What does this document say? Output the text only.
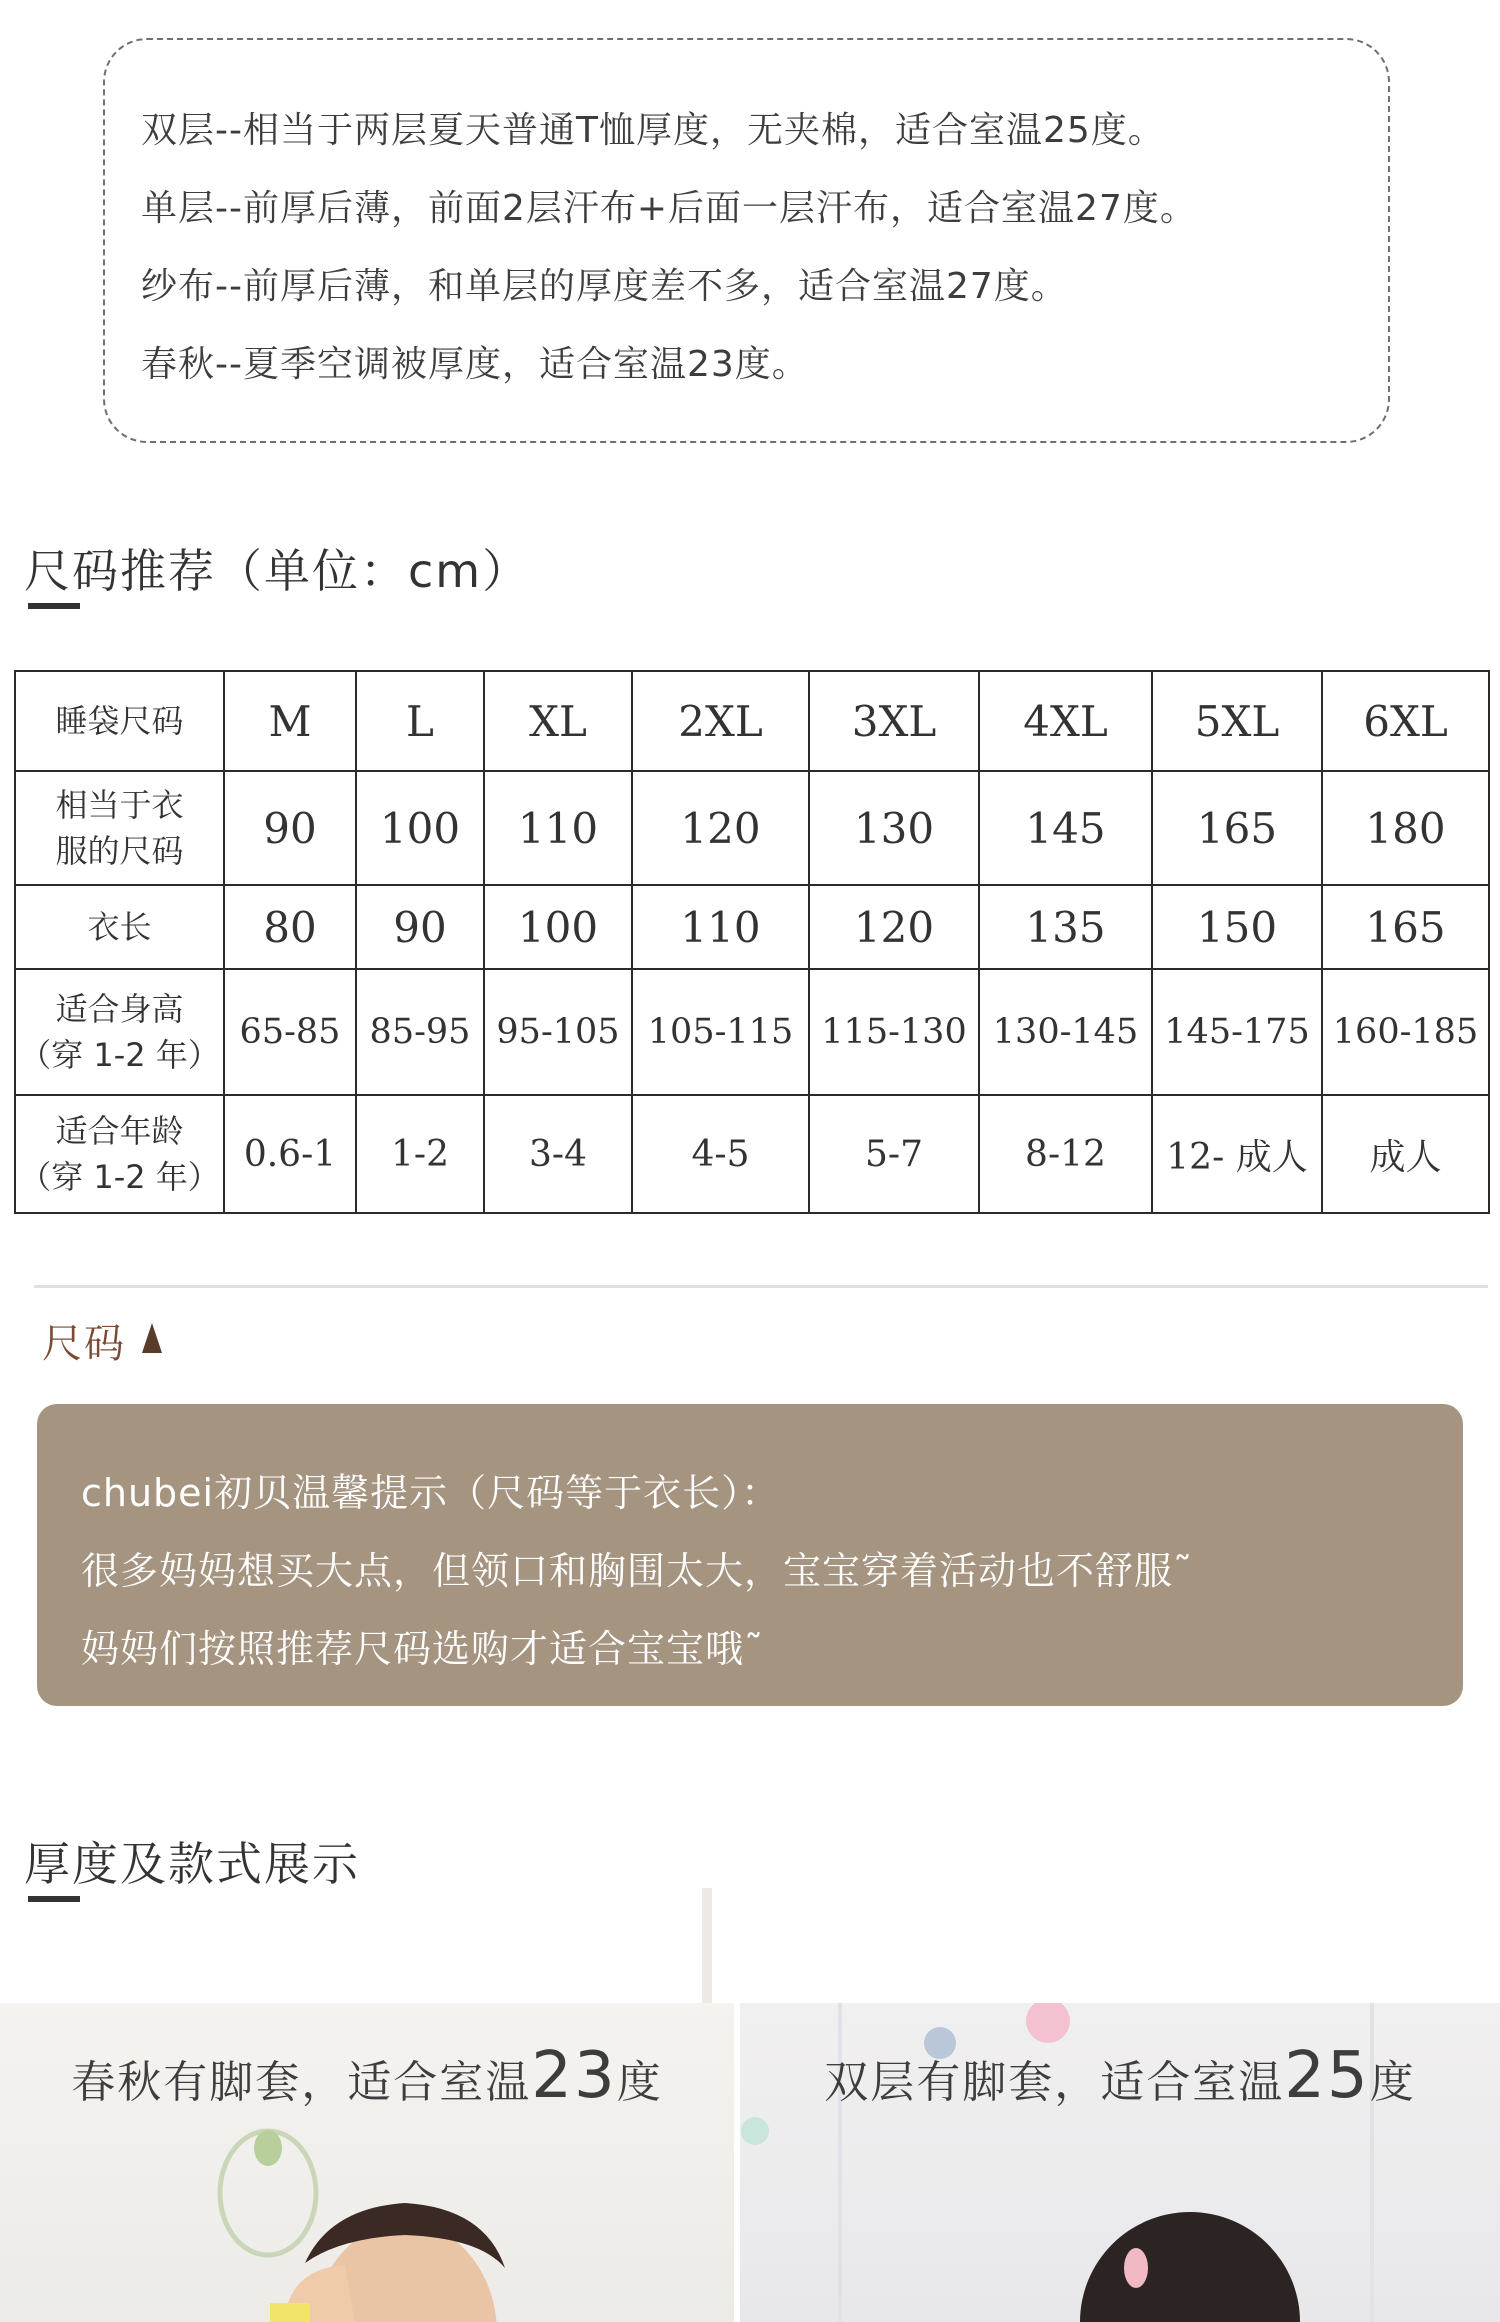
双层--相当于两层夏天普通T恤厚度，无夹棉，适合室温25度。
单层--前厚后薄，前面2层汗布+后面一层汗布，适合室温27度。
纱布--前厚后薄，和单层的厚度差不多，适合室温27度。
春秋--夏季空调被厚度，适合室温23度。
尺码推荐（单位：cm）
睡袋尺码	M	L	XL	2XL	3XL	4XL	5XL	6XL
相当于衣
服的尺码	90	100	110	120	130	145	165	180
衣长	80	90	100	110	120	135	150	165
适合身高
（穿 1-2 年）	65-85	85-95	95-105	105-115	115-130	130-145	145-175	160-185
适合年龄
（穿 1-2 年）	0.6-1	1-2	3-4	4-5	5-7	8-12	12- 成人	成人
尺码
chubei初贝温馨提示（尺码等于衣长）：
很多妈妈想买大点，但领口和胸围太大，宝宝穿着活动也不舒服˜
妈妈们按照推荐尺码选购才适合宝宝哦˜
厚度及款式展示
春秋有脚套，适合室温23度	双层有脚套，适合室温25度
